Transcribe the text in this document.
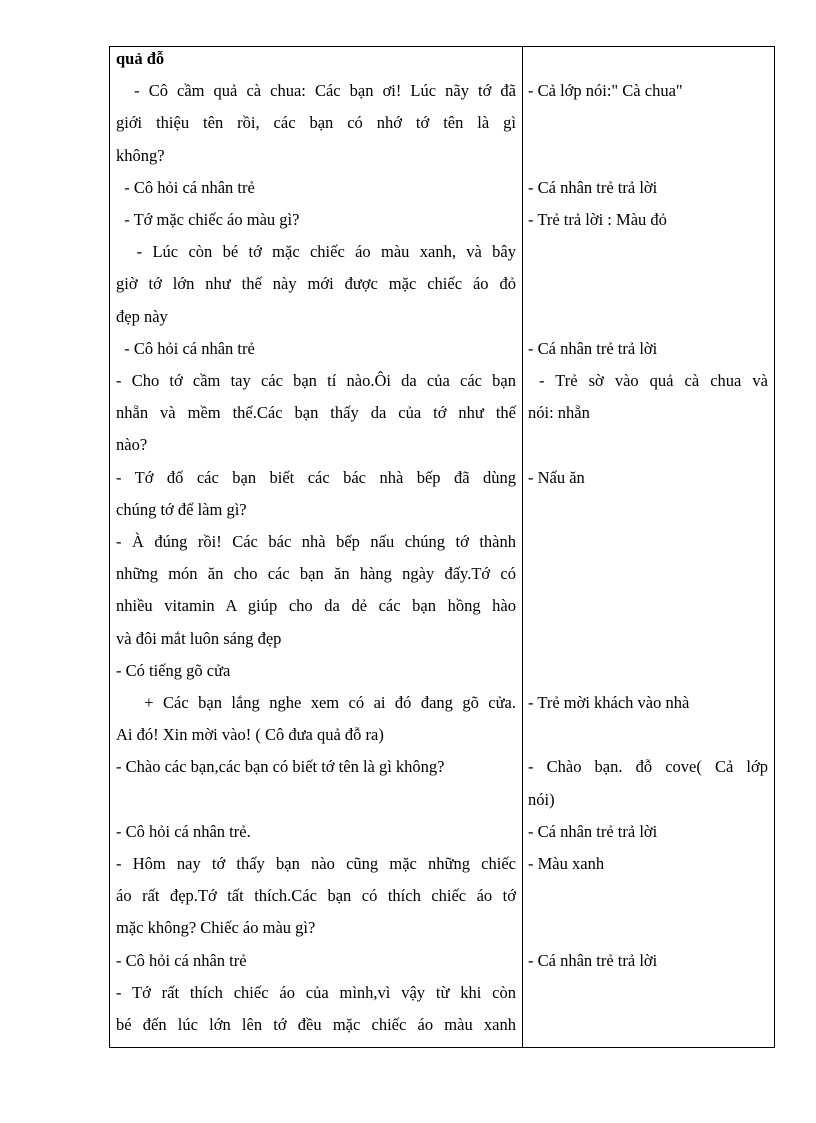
quả đỗ
- Cô cầm quả cà chua: Các bạn ơi! Lúc nãy tớ đã
giới thiệu tên rồi, các bạn có nhớ tớ tên là gì
không?
- Cô hỏi cá nhân trẻ
- Tớ mặc chiếc áo màu gì?
- Lúc còn bé tớ mặc chiếc áo màu xanh, và bây
giờ tớ lớn như thế này mới được mặc chiếc áo đỏ
đẹp này
- Cô hỏi cá nhân trẻ
- Cho tớ cầm tay các bạn tí nào.Ôi da của các bạn
nhẵn và mềm thế.Các bạn thấy da của tớ như thế
nào?
- Tớ đố các bạn biết các bác nhà bếp đã dùng
chúng tớ để làm gì?
- À đúng rồi! Các bác nhà bếp nấu chúng tớ thành
những món ăn cho các bạn ăn hàng ngày đấy.Tớ có
nhiều vitamin A giúp cho da dẻ các bạn hồng hào
và đôi mắt luôn sáng đẹp
- Có tiếng gõ cửa
+ Các bạn lắng nghe xem có ai đó đang gõ cửa.
Ai đó! Xin mời vào! ( Cô đưa quả đỗ ra)
- Chào các bạn,các bạn có biết tớ tên là gì không?
- Cô hỏi cá nhân trẻ.
- Hôm nay tớ thấy bạn nào cũng mặc những chiếc
áo rất đẹp.Tớ tất thích.Các bạn có thích chiếc áo tớ
mặc không? Chiếc áo màu gì?
- Cô hỏi cá nhân trẻ
- Tớ rất thích chiếc áo của mình,vì vậy từ khi còn
bé đến lúc lớn lên tớ đều mặc chiếc áo màu xanh
- Cả lớp nói:" Cà chua"
- Cá nhân trẻ trả lời
- Trẻ trả lời : Màu đỏ
- Cá nhân trẻ trả lời
- Trẻ sờ vào quả cà chua và
nói: nhẵn
- Nấu ăn
- Trẻ mời khách vào nhà
- Chào bạn. đỗ cove( Cả lớp
nói)
- Cá nhân trẻ trả lời
- Màu xanh
- Cá nhân trẻ trả lời
